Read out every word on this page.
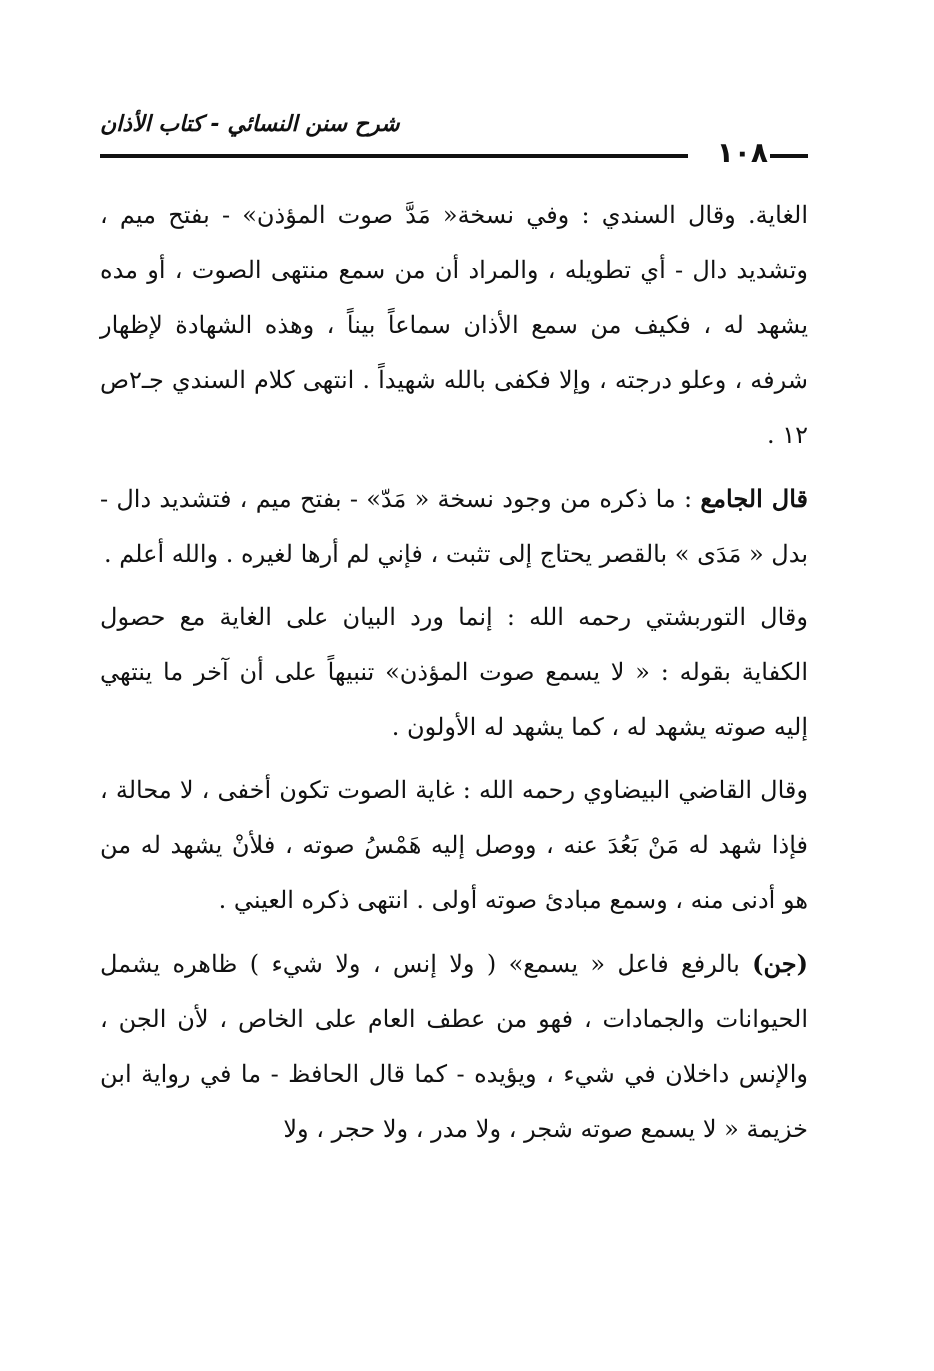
١٠٨
شرح سنن النسائي - كتاب الأذان

الغاية. وقال السندي : وفي نسخة« مَدَّ صوت المؤذن» - بفتح ميم ، وتشديد دال - أي تطويله ، والمراد أن من سمع منتهى الصوت ، أو مده يشهد له ، فكيف من سمع الأذان سماعاً بيناً ، وهذه الشهادة لإظهار شرفه ، وعلو درجته ، وإلا فكفى بالله شهيداً . انتهى كلام السندي جـ٢ص ١٢ .

قال الجامع : ما ذكره من وجود نسخة « مَدّ» - بفتح ميم ، فتشديد دال - بدل « مَدَى » بالقصر يحتاج إلى تثبت ، فإني لم أرها لغيره . والله أعلم .

وقال التوربشتي رحمه الله : إنما ورد البيان على الغاية مع حصول الكفاية بقوله : « لا يسمع صوت المؤذن» تنبيهاً على أن آخر ما ينتهي إليه صوته يشهد له ، كما يشهد له الأولون .

وقال القاضي البيضاوي رحمه الله : غاية الصوت تكون أخفى ، لا محالة ، فإذا شهد له مَنْ بَعُدَ عنه ، ووصل إليه هَمْسُ صوته ، فلأنْ يشهد له من هو أدنى منه ، وسمع مبادئ صوته أولى . انتهى ذكره العيني .

(جن) بالرفع فاعل « يسمع» ( ولا إنس ، ولا شيء ) ظاهره يشمل الحيوانات والجمادات ، فهو من عطف العام على الخاص ، لأن الجن ، والإنس داخلان في شيء ، ويؤيده - كما قال الحافظ - ما في رواية ابن خزيمة « لا يسمع صوته شجر ، ولا مدر ، ولا حجر ، ولا
